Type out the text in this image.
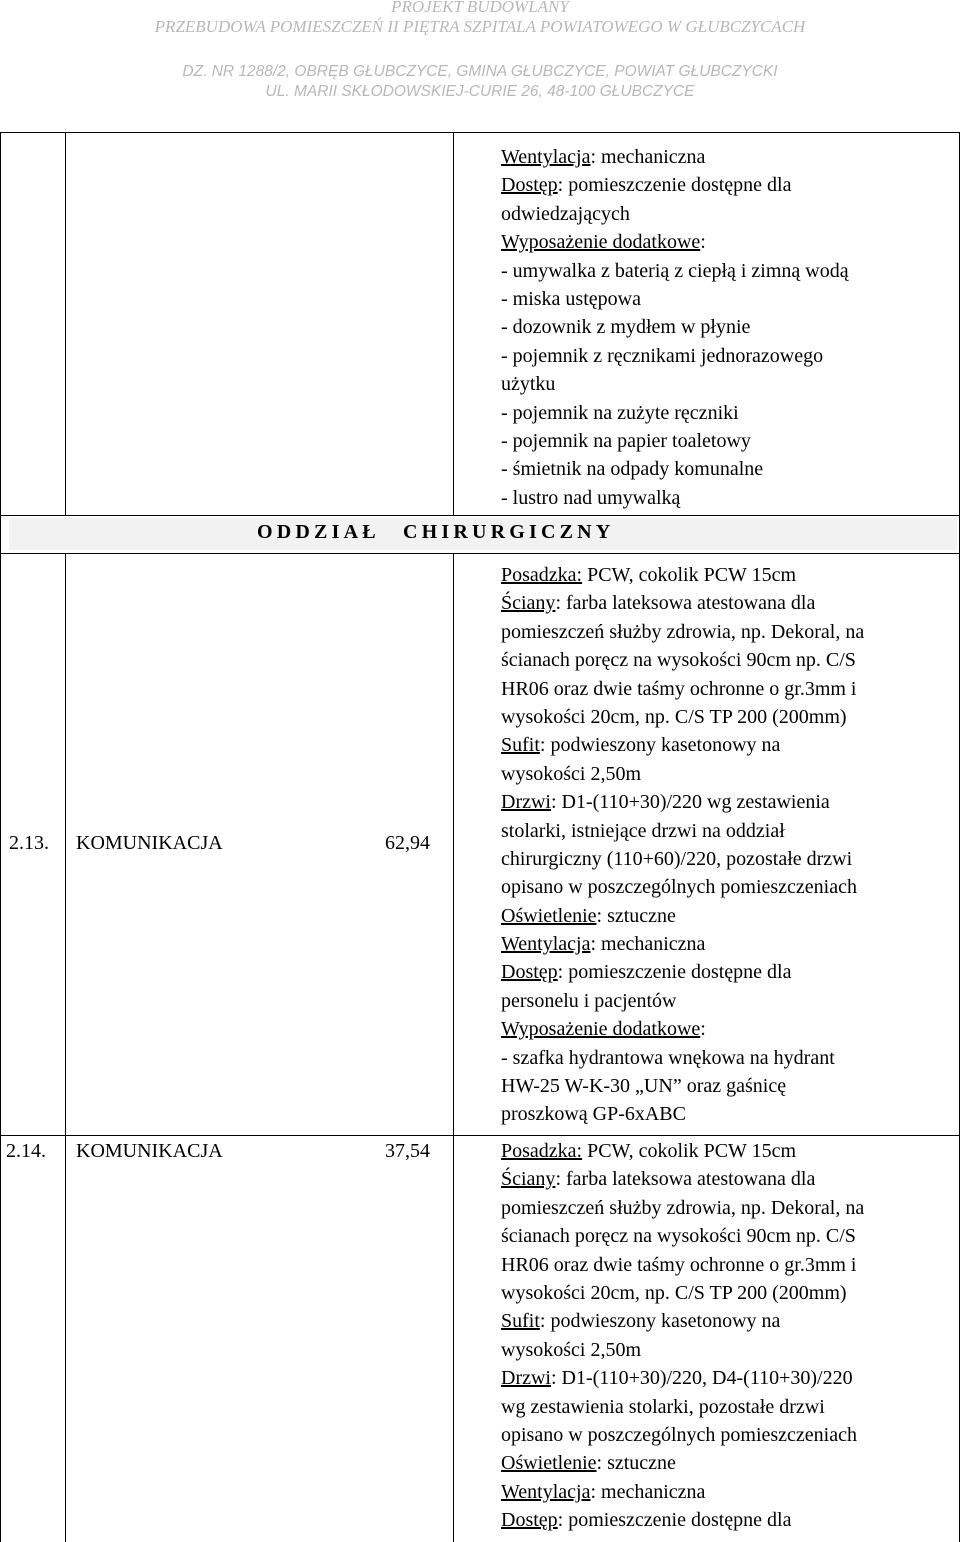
PROJEKT BUDOWLANY
PRZEBUDOWA POMIESZCZEŃ II PIĘTRA SZPITALA POWIATOWEGO W GŁUBCZYCACH
DZ. NR 1288/2, OBRĘB GŁUBCZYCE, GMINA GŁUBCZYCE, POWIAT GŁUBCZYCKI
UL. MARII SKŁODOWSKIEJ-CURIE 26, 48-100 GŁUBCZYCE
Wentylacja: mechaniczna
Dostęp: pomieszczenie dostępne dla
odwiedzających
Wyposażenie dodatkowe:
- umywalka z baterią z ciepłą i zimną wodą
- miska ustępowa
- dozownik z mydłem w płynie
- pojemnik z ręcznikami jednorazowego
użytku
- pojemnik na zużyte ręczniki
- pojemnik na papier toaletowy
- śmietnik na odpady komunalne
- lustro nad umywalką
ODDZIAŁ CHIRURGICZNY
2.13. KOMUNIKACJA	62,94
Posadzka: PCW, cokolik PCW 15cm
Ściany: farba lateksowa atestowana dla
pomieszczeń służby zdrowia, np. Dekoral, na
ścianach poręcz na wysokości 90cm np. C/S
HR06 oraz dwie taśmy ochronne o gr.3mm i
wysokości 20cm, np. C/S TP 200 (200mm)
Sufit: podwieszony kasetonowy na
wysokości 2,50m
Drzwi: D1-(110+30)/220 wg zestawienia
stolarki, istniejące drzwi na oddział
chirurgiczny (110+60)/220, pozostałe drzwi
opisano w poszczególnych pomieszczeniach
Oświetlenie: sztuczne
Wentylacja: mechaniczna
Dostęp: pomieszczenie dostępne dla
personelu i pacjentów
Wyposażenie dodatkowe:
- szafka hydrantowa wnękowa na hydrant
HW-25 W-K-30 „UN” oraz gaśnicę
proszkową GP-6xABC
2.14. KOMUNIKACJA	37,54	Posadzka: PCW, cokolik PCW 15cm
Ściany: farba lateksowa atestowana dla
pomieszczeń służby zdrowia, np. Dekoral, na
ścianach poręcz na wysokości 90cm np. C/S
HR06 oraz dwie taśmy ochronne o gr.3mm i
wysokości 20cm, np. C/S TP 200 (200mm)
Sufit: podwieszony kasetonowy na
wysokości 2,50m
Drzwi: D1-(110+30)/220, D4-(110+30)/220
wg zestawienia stolarki, pozostałe drzwi
opisano w poszczególnych pomieszczeniach
Oświetlenie: sztuczne
Wentylacja: mechaniczna
Dostęp: pomieszczenie dostępne dla
